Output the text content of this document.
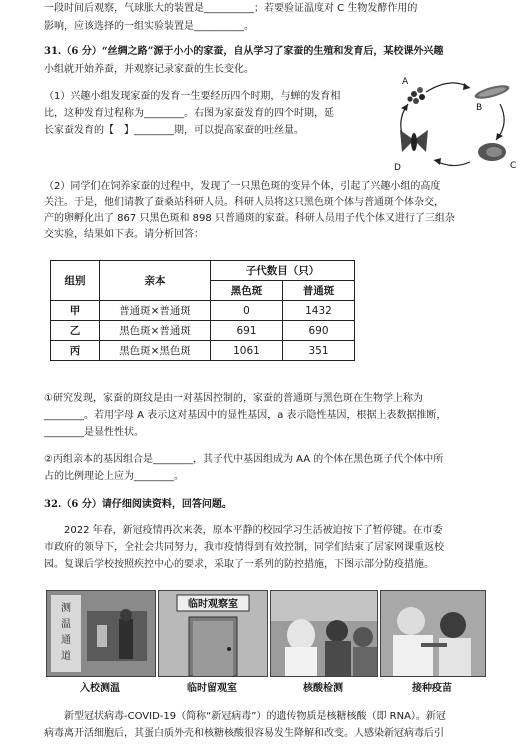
一段时间后观察，气球胀大的装置是__________；若要验证温度对 C 生物发酵作用的
影响，应该选择的一组实验装置是__________。
31.（6 分）“丝绸之路”源于小小的家蚕，自从学习了家蚕的生殖和发育后，某校课外兴趣
小组就开始养蚕，并观察记录家蚕的生长变化。
（1）兴趣小组发现家蚕的发育一生要经历四个时期，与蝉的发育相
比，这种发育过程称为________。右图为家蚕发育的四个时期，延
长家蚕发育的【　】________期，可以提高家蚕的吐丝量。
A
B
C
D
（2）同学们在饲养家蚕的过程中，发现了一只黑色斑的变异个体，引起了兴趣小组的高度
关注。于是，他们请教了蚕桑站科研人员。科研人员将这只黑色斑个体与普通斑个体杂交，
产的卵孵化出了 867 只黑色斑和 898 只普通斑的家蚕。科研人员用子代个体又进行了三组杂
交实验，结果如下表。请分析回答：
组别	亲本	子代数目（只）	
		黑色斑	普通斑
甲	普通斑×普通斑	0	1432
乙	黑色斑×普通斑	691	690
丙	黑色斑×黑色斑	1061	351
①研究发现，家蚕的斑纹是由一对基因控制的，家蚕的普通斑与黑色斑在生物学上称为
________。若用字母 A 表示这对基因中的显性基因，a 表示隐性基因，根据上表数据推断，
________是显性性状。
②丙组亲本的基因组合是________，其子代中基因组成为 AA 的个体在黑色斑子代个体中所
占的比例理论上应为________。
32.（6 分）请仔细阅读资料，回答问题。
2022 年春，新冠疫情再次来袭，原本平静的校园学习生活被迫按下了暂停键。在市委
市政府的领导下，全社会共同努力，我市疫情得到有效控制，同学们结束了居家网课重返校
园。复课后学校按照疾控中心的要求，采取了一系列的防控措施，下图示部分防疫措施。
测
温
通
道
临时观察室
入校测温	临时留观室	核酸检测	接种疫苗
新型冠状病毒-COVID-19（简称“新冠病毒”）的遗传物质是核糖核酸（即 RNA）。新冠
病毒离开活细胞后，其蛋白质外壳和核糖核酸很容易发生降解和改变。人感染新冠病毒后引
